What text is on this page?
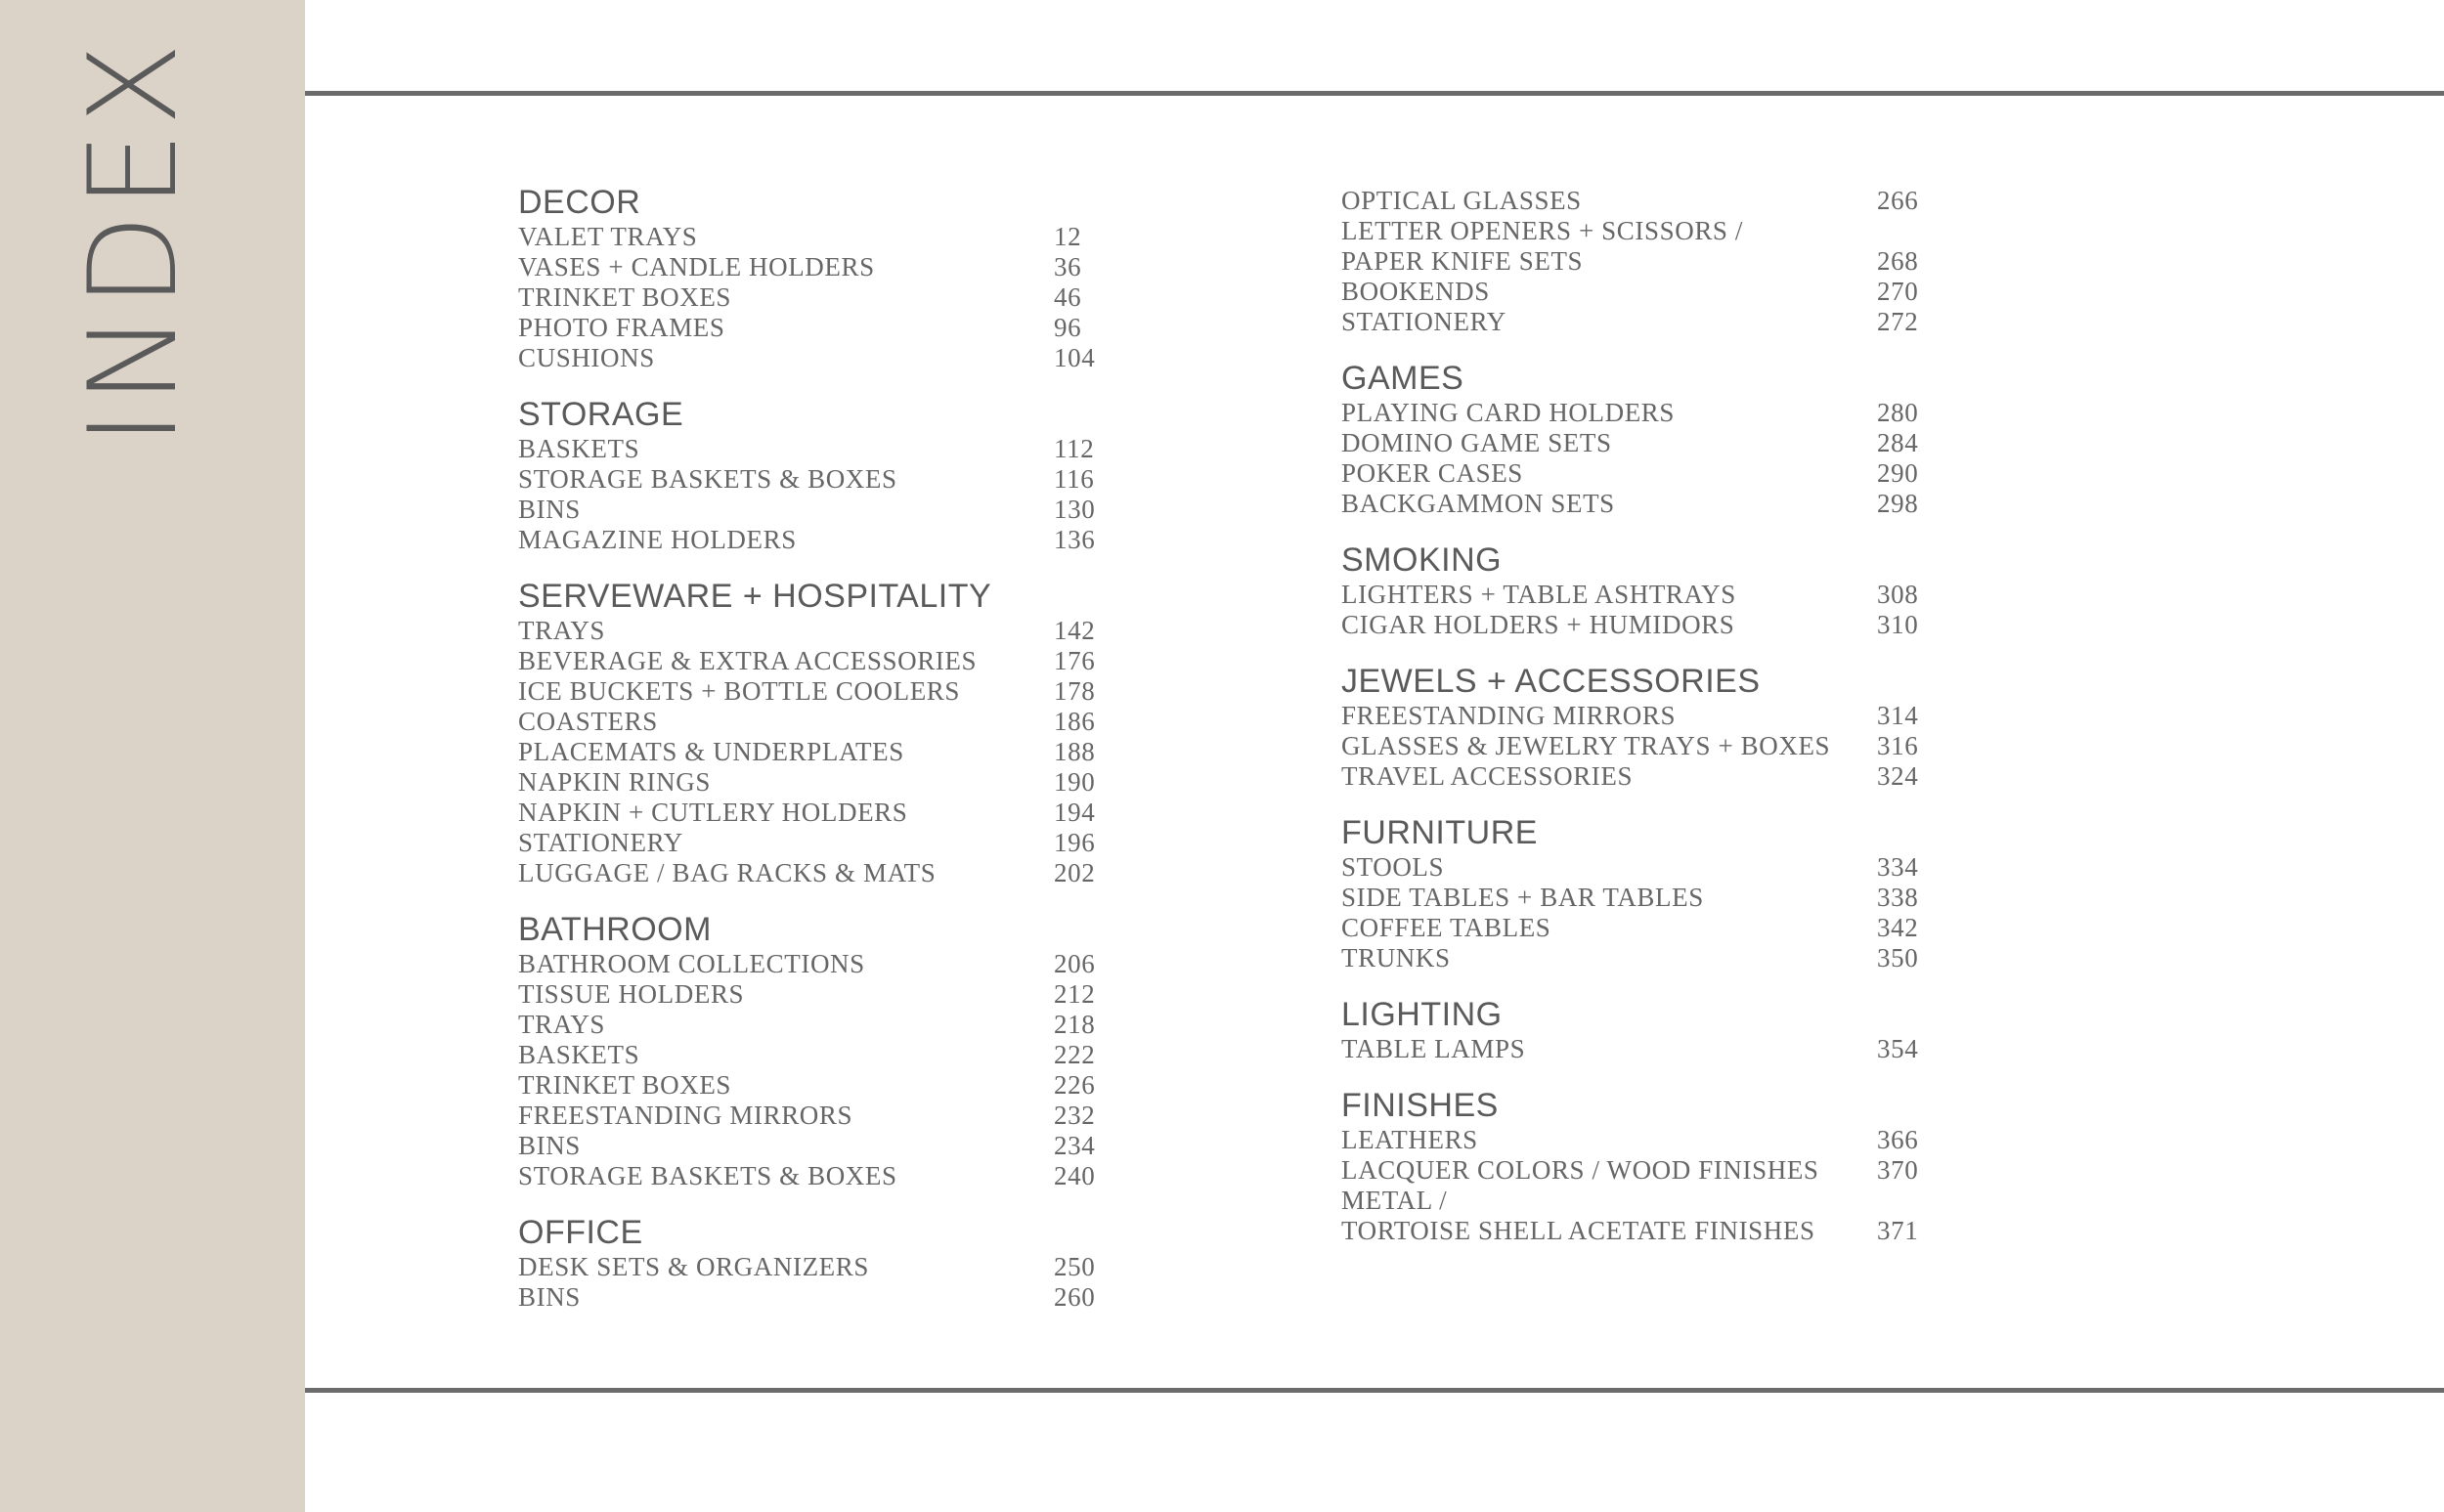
INDEX	DECOR
VALET TRAYS	12
VASES + CANDLE HOLDERS	36
TRINKET BOXES	46
PHOTO FRAMES	96
CUSHIONS	104
STORAGE
BASKETS	112
STORAGE BASKETS & BOXES	116
BINS	130
MAGAZINE HOLDERS	136
SERVEWARE + HOSPITALITY
TRAYS	142
BEVERAGE & EXTRA ACCESSORIES	176
ICE BUCKETS + BOTTLE COOLERS	178
COASTERS	186
PLACEMATS & UNDERPLATES	188
NAPKIN RINGS	190
NAPKIN + CUTLERY HOLDERS	194
STATIONERY	196
LUGGAGE / BAG RACKS & MATS	202
BATHROOM
BATHROOM COLLECTIONS	206
TISSUE HOLDERS	212
TRAYS	218
BASKETS	222
TRINKET BOXES	226
FREESTANDING MIRRORS	232
BINS	234
STORAGE BASKETS & BOXES	240
OFFICE
DESK SETS & ORGANIZERS	250
BINS	260
OPTICAL GLASSES	266
LETTER OPENERS + SCISSORS /
PAPER KNIFE SETS	268
BOOKENDS	270
STATIONERY	272
GAMES
PLAYING CARD HOLDERS	280
DOMINO GAME SETS	284
POKER CASES	290
BACKGAMMON SETS	298
SMOKING
LIGHTERS + TABLE ASHTRAYS	308
CIGAR HOLDERS + HUMIDORS	310
JEWELS + ACCESSORIES
FREESTANDING MIRRORS	314
GLASSES & JEWELRY TRAYS + BOXES	316
TRAVEL ACCESSORIES	324
FURNITURE
STOOLS	334
SIDE TABLES + BAR TABLES	338
COFFEE TABLES	342
TRUNKS	350
LIGHTING
TABLE LAMPS	354
FINISHES
LEATHERS	366
LACQUER COLORS / WOOD FINISHES	370
METAL /
TORTOISE SHELL ACETATE FINISHES	371
